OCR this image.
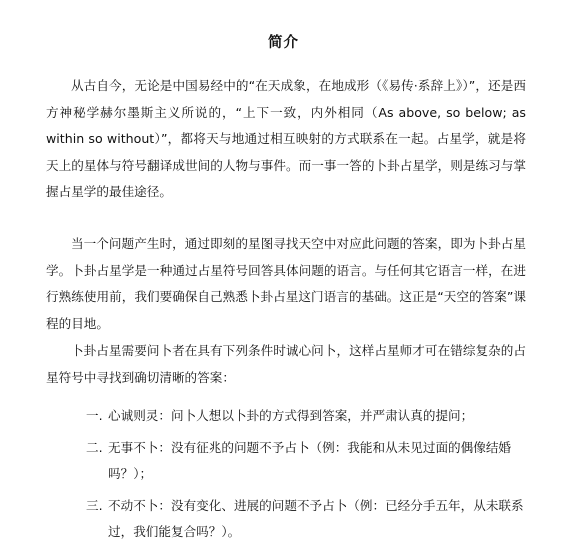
简介

从古自今，无论是中国易经中的“在天成象，在地成形（《易传·系辞上》）”，还是西方神秘学赫尔墨斯主义所说的，“上下一致，内外相同（As above, so below; as within so without）”，都将天与地通过相互映射的方式联系在一起。占星学，就是将天上的星体与符号翻译成世间的人物与事件。而一事一答的卜卦占星学，则是练习与掌握占星学的最佳途径。

当一个问题产生时，通过即刻的星图寻找天空中对应此问题的答案，即为卜卦占星学。卜卦占星学是一种通过占星符号回答具体问题的语言。与任何其它语言一样，在进行熟练使用前，我们要确保自己熟悉卜卦占星这门语言的基础。这正是“天空的答案”课程的目地。

卜卦占星需要问卜者在具有下列条件时诚心问卜，这样占星师才可在错综复杂的占星符号中寻找到确切清晰的答案：

一. 心诚则灵：问卜人想以卜卦的方式得到答案，并严肃认真的提问；
二. 无事不卜：没有征兆的问题不予占卜（例：我能和从未见过面的偶像结婚吗？）；
三. 不动不卜：没有变化、进展的问题不予占卜（例：已经分手五年，从未联系过，我们能复合吗？）。
